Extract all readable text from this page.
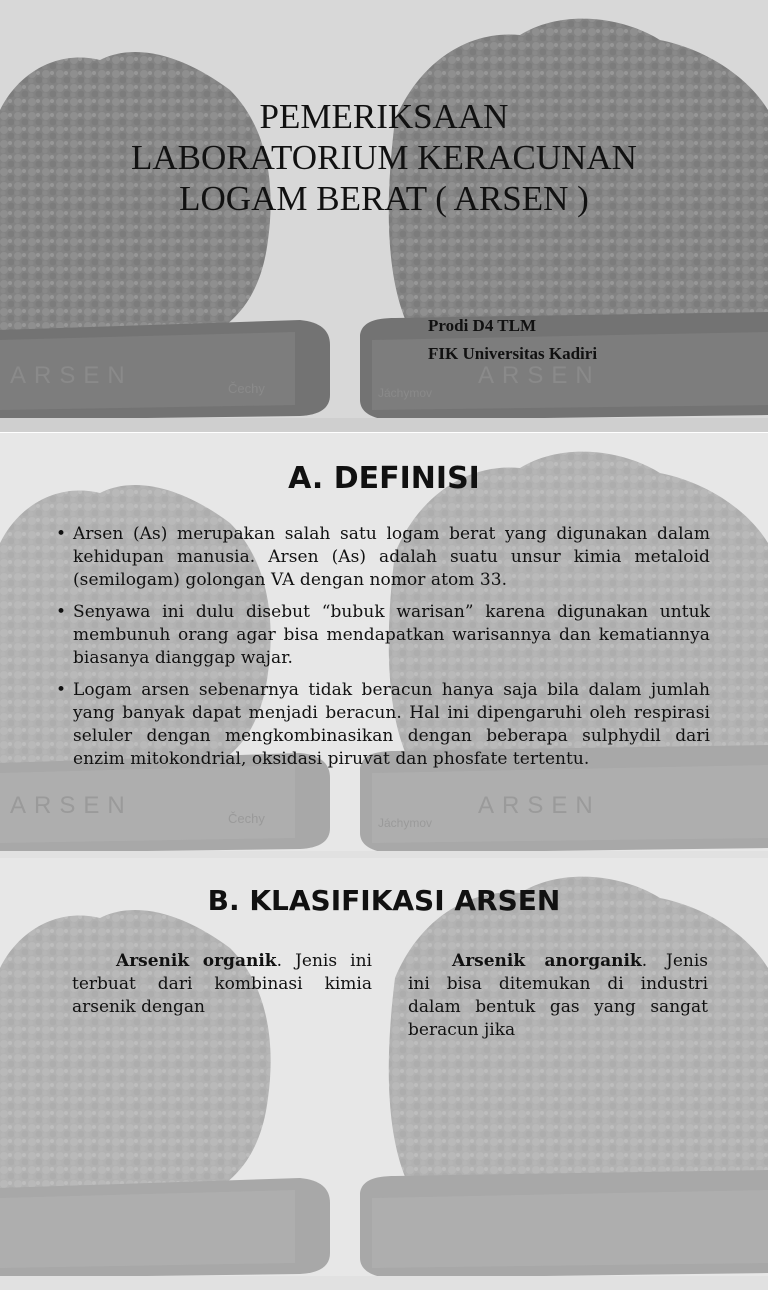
ARSEN	Čechy	ARSEN
Jáchymov
PEMERIKSAAN
LABORATORIUM KERACUNAN
LOGAM BERAT ( ARSEN )
Prodi D4 TLM
FIK Universitas Kadiri
ARSEN	Čechy	ARSEN
Jáchymov
A. DEFINISI
• Arsen (As) merupakan salah satu logam berat yang digunakan dalam kehidupan manusia. Arsen (As) adalah suatu unsur kimia metaloid (semilogam) golongan VA dengan nomor atom 33.
• Senyawa ini dulu disebut “bubuk warisan” karena digunakan untuk membunuh orang agar bisa mendapatkan warisannya dan kematiannya biasanya dianggap wajar.
• Logam arsen sebenarnya tidak beracun hanya saja bila dalam jumlah yang banyak dapat menjadi beracun. Hal ini dipengaruhi oleh respirasi seluler dengan mengkombinasikan dengan beberapa sulphydil dari enzim mitokondrial, oksidasi piruvat dan phosfate tertentu.
B. KLASIFIKASI ARSEN
Arsenik organik. Jenis ini terbuat dari kombinasi kimia arsenik dengan
Arsenik anorganik. Jenis ini bisa ditemukan di industri dalam bentuk gas yang sangat beracun jika
